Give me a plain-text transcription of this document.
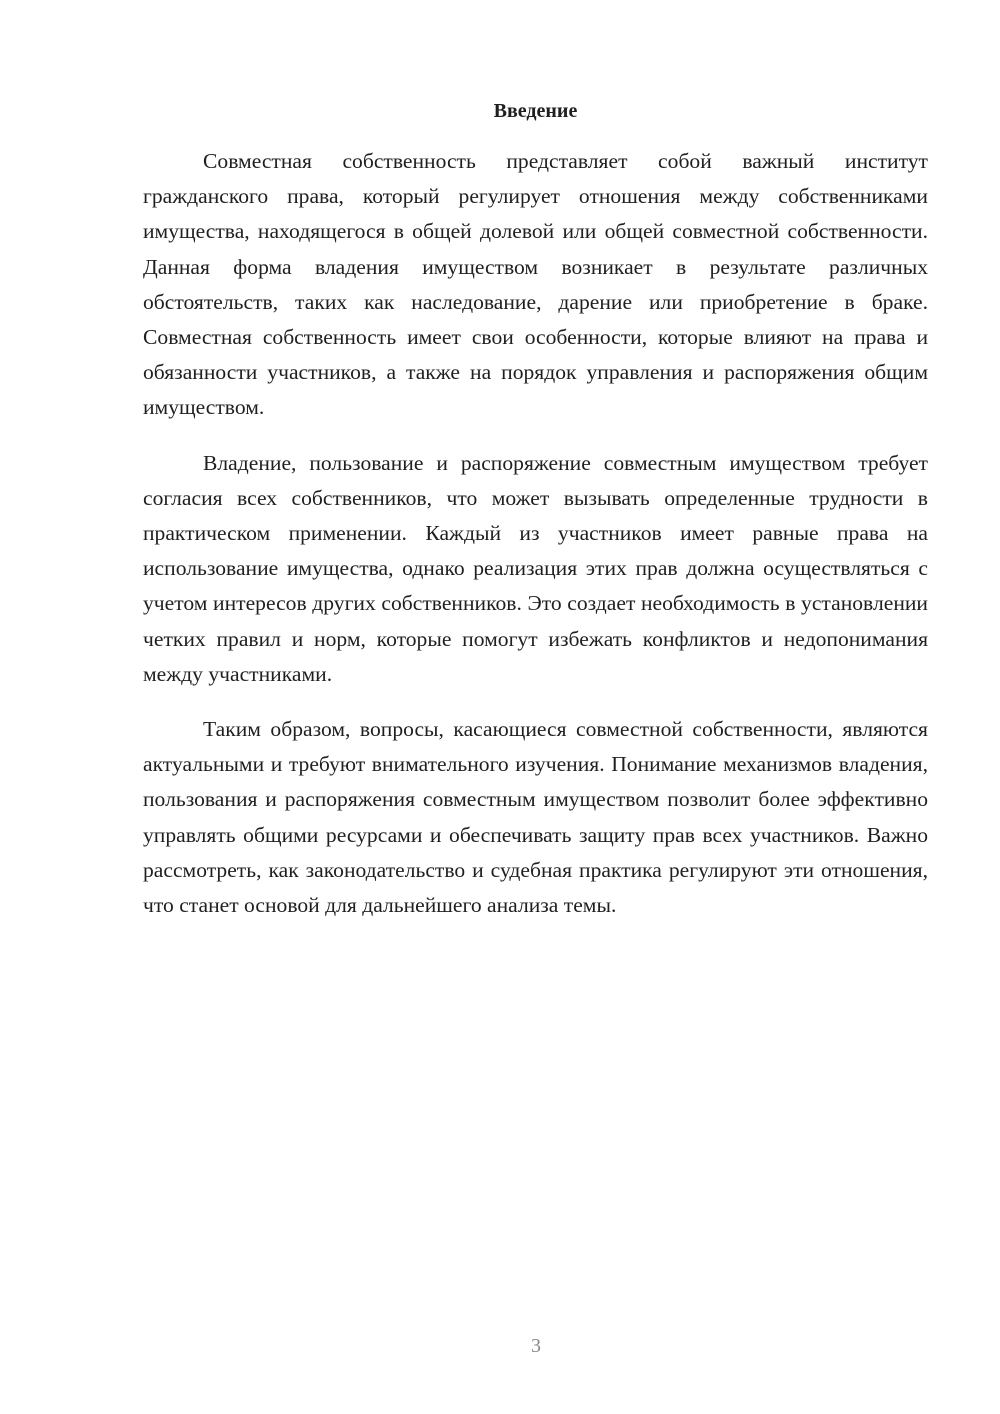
Введение

Совместная собственность представляет собой важный институт гражданского права, который регулирует отношения между собственниками имущества, находящегося в общей долевой или общей совместной собственности. Данная форма владения имуществом возникает в результате различных обстоятельств, таких как наследование, дарение или приобретение в браке. Совместная собственность имеет свои особенности, которые влияют на права и обязанности участников, а также на порядок управления и распоряжения общим имуществом.

Владение, пользование и распоряжение совместным имуществом требует согласия всех собственников, что может вызывать определенные трудности в практическом применении. Каждый из участников имеет равные права на использование имущества, однако реализация этих прав должна осуществляться с учетом интересов других собственников. Это создает необходимость в установлении четких правил и норм, которые помогут избежать конфликтов и недопонимания между участниками.

Таким образом, вопросы, касающиеся совместной собственности, являются актуальными и требуют внимательного изучения. Понимание механизмов владения, пользования и распоряжения совместным имуществом позволит более эффективно управлять общими ресурсами и обеспечивать защиту прав всех участников. Важно рассмотреть, как законодательство и судебная практика регулируют эти отношения, что станет основой для дальнейшего анализа темы.

3
